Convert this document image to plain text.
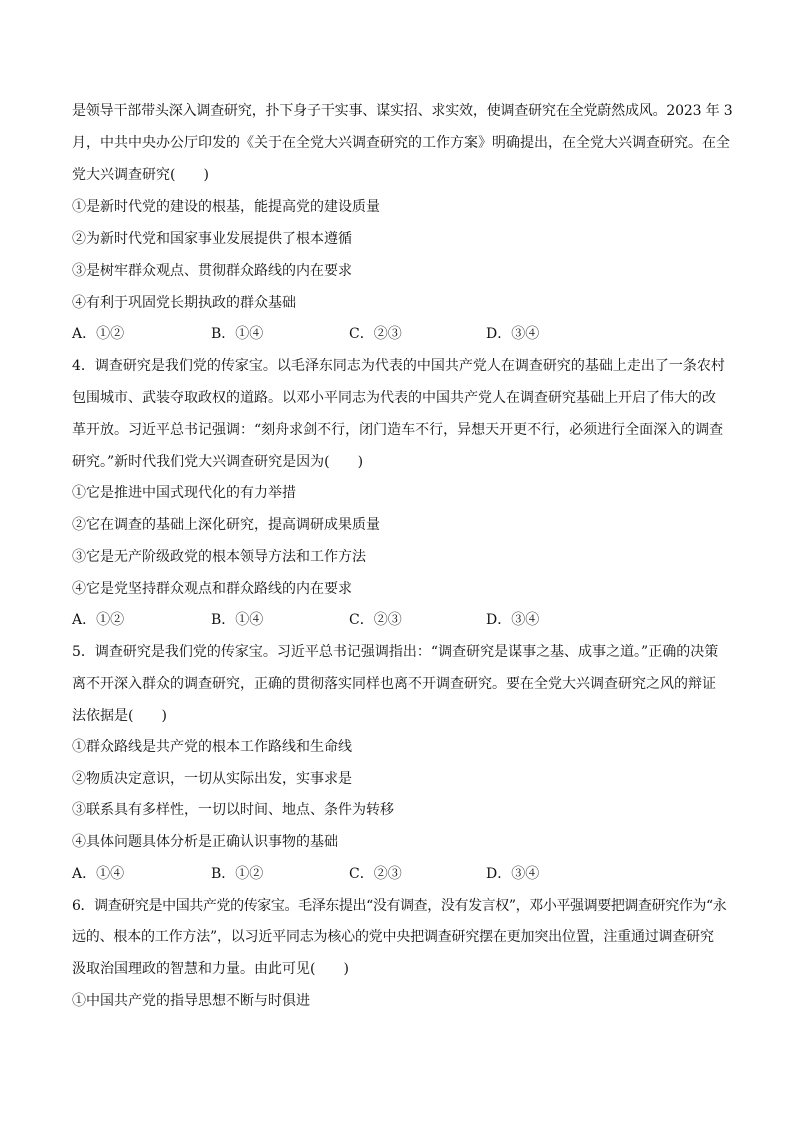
是领导干部带头深入调查研究，扑下身子干实事、谋实招、求实效，使调查研究在全党蔚然成风。2023 年 3
月，中共中央办公厅印发的《关于在全党大兴调查研究的工作方案》明确提出，在全党大兴调查研究。在全
党大兴调查研究(　　)
①是新时代党的建设的根基，能提高党的建设质量
②为新时代党和国家事业发展提供了根本遵循
③是树牢群众观点、贯彻群众路线的内在要求
④有利于巩固党长期执政的群众基础
A．①②	B．①④	C．②③	D．③④
4．调查研究是我们党的传家宝。以毛泽东同志为代表的中国共产党人在调查研究的基础上走出了一条农村
包围城市、武装夺取政权的道路。以邓小平同志为代表的中国共产党人在调查研究基础上开启了伟大的改
革开放。习近平总书记强调：“刻舟求剑不行，闭门造车不行，异想天开更不行，必须进行全面深入的调查
研究。”新时代我们党大兴调查研究是因为(　　)
①它是推进中国式现代化的有力举措
②它在调查的基础上深化研究，提高调研成果质量
③它是无产阶级政党的根本领导方法和工作方法
④它是党坚持群众观点和群众路线的内在要求
A．①②	B．①④	C．②③	D．③④
5．调查研究是我们党的传家宝。习近平总书记强调指出：“调查研究是谋事之基、成事之道。”正确的决策
离不开深入群众的调查研究，正确的贯彻落实同样也离不开调查研究。要在全党大兴调查研究之风的辩证
法依据是(　　)
①群众路线是共产党的根本工作路线和生命线
②物质决定意识，一切从实际出发，实事求是
③联系具有多样性，一切以时间、地点、条件为转移
④具体问题具体分析是正确认识事物的基础
A．①④	B．①②	C．②③	D．③④
6．调查研究是中国共产党的传家宝。毛泽东提出“没有调查，没有发言权”，邓小平强调要把调查研究作为“永
远的、根本的工作方法”，以习近平同志为核心的党中央把调查研究摆在更加突出位置，注重通过调查研究
汲取治国理政的智慧和力量。由此可见(　　)
①中国共产党的指导思想不断与时俱进
